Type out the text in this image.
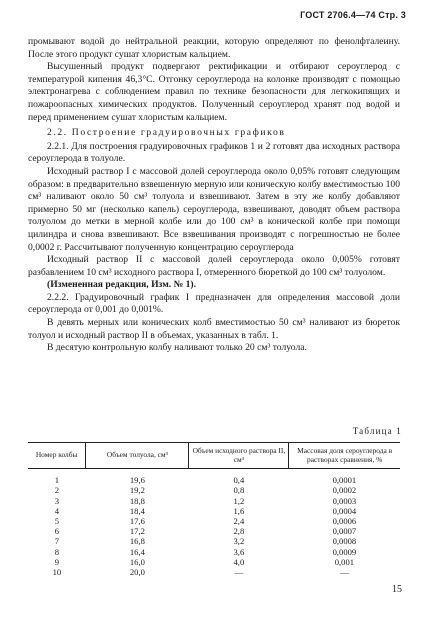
ГОСТ 2706.4—74 Стр. 3

промывают водой до нейтральной реакции, которую определяют по фенолфталеину. После этого продукт сушат хлористым кальцием.

Высушенный продукт подвергают ректификации и отбирают сероуглерод с температурой кипения 46,3°С. Отгонку сероуглерода на колонке производят с помощью электронагрева с соблюдением правил по технике безопасности для легкокипящих и пожароопасных химических продуктов. Полученный сероуглерод хранят под водой и перед применением сушат хлористым кальцием.

2.2. Построение градуировочных графиков

2.2.1. Для построения градуировочных графиков 1 и 2 готовят два исходных раствора сероуглерода в толуоле.

Исходный раствор I с массовой долей сероуглерода около 0,05% готовят следующим образом: в предварительно взвешенную мерную или коническую колбу вместимостью 100 см³ наливают около 50 см³ толуола и взвешивают. Затем в эту же колбу добавляют примерно 50 мг (несколько капель) сероуглерода, взвешивают, доводят объем раствора толуолом до метки в мерной колбе или до 100 см³ в конической колбе при помощи цилиндра и снова взвешивают. Все взвешивания производят с погрешностью не более 0,0002 г. Рассчитывают полученную концентрацию сероуглерода

Исходный раствор II с массовой долей сероуглерода около 0,005% готовят разбавлением 10 см³ исходного раствора I, отмеренного бюреткой до 100 см³ толуолом.

(Измененная редакция, Изм. № 1).

2.2.2. Градуировочный график I предназначен для определения массовой доли сероуглерода от 0,001 до 0,001%.

В девять мерных или конических колб вместимостью 50 см³ наливают из бюреток толуол и исходный раствор II в объемах, указанных в табл. 1.

В десятую контрольную колбу наливают только 20 см³ толуола.

Таблица 1
Номер колбы	Объем толуола, см³	Объем исходного раствора II, см³	Массовая доля сероуглерода в растворах сравнения, %
1	19,6	0,4	0,0001
2	19,2	0,8	0,0002
3	18,8	1,2	0,0003
4	18,4	1,6	0,0004
5	17,6	2,4	0,0006
6	17,2	2,8	0,0007
7	16,8	3,2	0,0008
8	16,4	3,6	0,0009
9	16,0	4,0	0,001
10	20,0	—	—
15
